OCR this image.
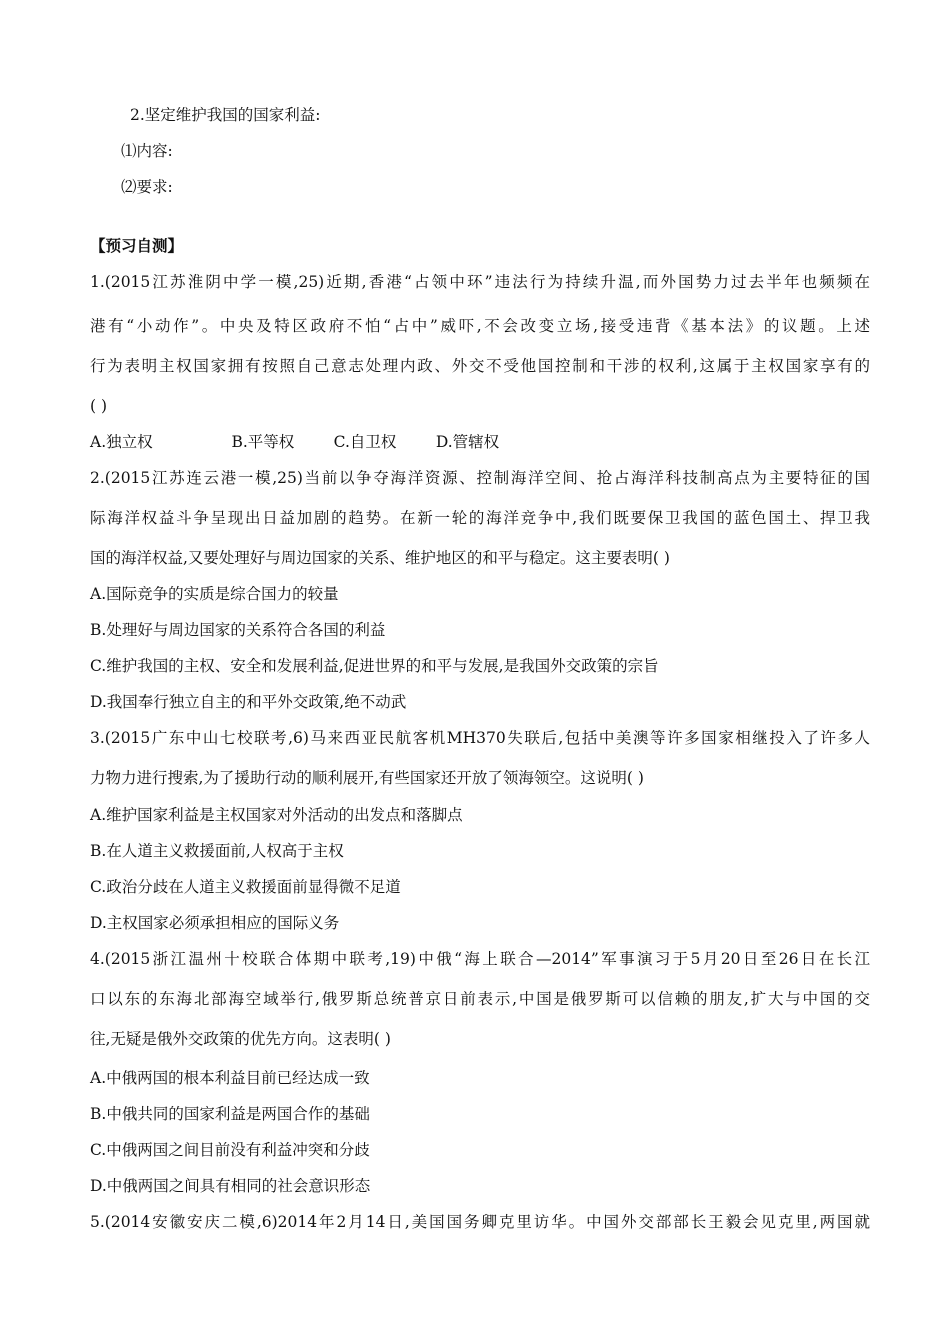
2.坚定维护我国的国家利益:
⑴内容:
⑵要求:
【预习自测】
1.(2015江苏淮阴中学一模,25)近期,香港“占领中环”违法行为持续升温,而外国势力过去半年也频频在
港有“小动作”。中央及特区政府不怕“占中”威吓,不会改变立场,接受违背《基本法》的议题。上述
行为表明主权国家拥有按照自己意志处理内政、外交不受他国控制和干涉的权利,这属于主权国家享有的
( )
A.独立权                B.平等权        C.自卫权        D.管辖权
2.(2015江苏连云港一模,25)当前以争夺海洋资源、控制海洋空间、抢占海洋科技制高点为主要特征的国
际海洋权益斗争呈现出日益加剧的趋势。在新一轮的海洋竞争中,我们既要保卫我国的蓝色国土、捍卫我
国的海洋权益,又要处理好与周边国家的关系、维护地区的和平与稳定。这主要表明( )
A.国际竞争的实质是综合国力的较量
B.处理好与周边国家的关系符合各国的利益
C.维护我国的主权、安全和发展利益,促进世界的和平与发展,是我国外交政策的宗旨
D.我国奉行独立自主的和平外交政策,绝不动武
3.(2015广东中山七校联考,6)马来西亚民航客机MH370失联后,包括中美澳等许多国家相继投入了许多人
力物力进行搜索,为了援助行动的顺利展开,有些国家还开放了领海领空。这说明( )
A.维护国家利益是主权国家对外活动的出发点和落脚点
B.在人道主义救援面前,人权高于主权
C.政治分歧在人道主义救援面前显得微不足道
D.主权国家必须承担相应的国际义务
4.(2015浙江温州十校联合体期中联考,19)中俄“海上联合—2014”军事演习于5月20日至26日在长江
口以东的东海北部海空域举行,俄罗斯总统普京日前表示,中国是俄罗斯可以信赖的朋友,扩大与中国的交
往,无疑是俄外交政策的优先方向。这表明( )
A.中俄两国的根本利益目前已经达成一致
B.中俄共同的国家利益是两国合作的基础
C.中俄两国之间目前没有利益冲突和分歧
D.中俄两国之间具有相同的社会意识形态
5.(2014安徽安庆二模,6)2014年2月14日,美国国务卿克里访华。中国外交部部长王毅会见克里,两国就
